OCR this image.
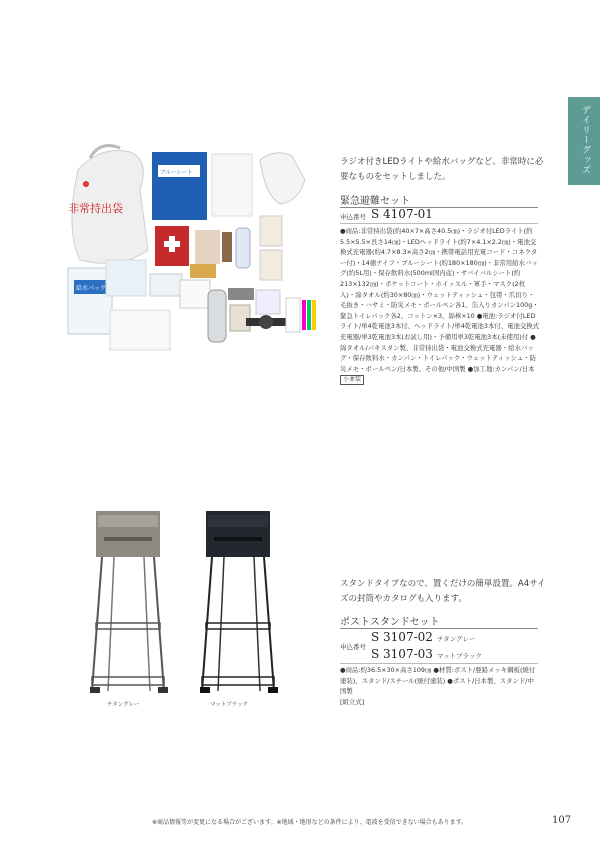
デイリーグッズ
非常持出袋
ブルーシート
給水パック
ラジオ付きLEDライトや給水バッグなど、非常時に必要なものをセットしました。
緊急避難セット
申込番号 S 4107-01
●商品:非常持出袋(約40×7×高さ40.5㎝)・ラジオ付LEDライト(約5.5×5.5×長さ14㎝)・LEDヘッドライト(約7×4.1×2.2㎝)・電池交換式充電器(約4.7×8.3×高さ2㎝・携帯電話用充電コード・コネクター付)・14徳ナイフ・ブルーシート(約180×180㎝)・非常用給水バッグ(約5L用)・保存飲料水(500ml国内産)・サバイバルシート(約213×132㎝)・ポケットコート・ホイッスル・軍手・マスク(2枚入)・綿タオル(約30×80㎝)・ウェットティッシュ・包帯・爪切り・毛抜き・ハサミ・防災メモ・ボールペン各1、缶入りカンパン100g・緊急トイレパック各2、コットン×3、綿棒×10 ●電池:ラジオ付LEDライト/単4乾電池3本付、ヘッドライト/単4乾電池3本付、電池交換式充電器/単3乾電池3本(お試し用)・予備用単3乾電池3本(未使用)付 ●綿タオル/パキスタン製、非常持出袋・電池交換式充電器・給水バッグ・保存飲料水・カンパン・トイレパック・ウェットティッシュ・防災メモ・ボールペン/日本製、その他/中国製 ●加工地:カンパン/日本
小並装
チタングレー	マットブラック
スタンドタイプなので、置くだけの簡単設置。A4サイズの封筒やカタログも入ります。
ポストスタンドセット
申込番号
S 3107-02 チタングレー
S 3107-03 マットブラック
●商品:約36.5×30×高さ109㎝ ●材質:ポスト/亜鉛メッキ鋼板(焼付塗装)、スタンド/スチール(焼付塗装) ●ポスト/日本製、スタンド/中国製
[組立式]
※商品情報等が変更になる場合がございます。※地域・地形などの条件により、電波を受信できない場合もあります。	107
